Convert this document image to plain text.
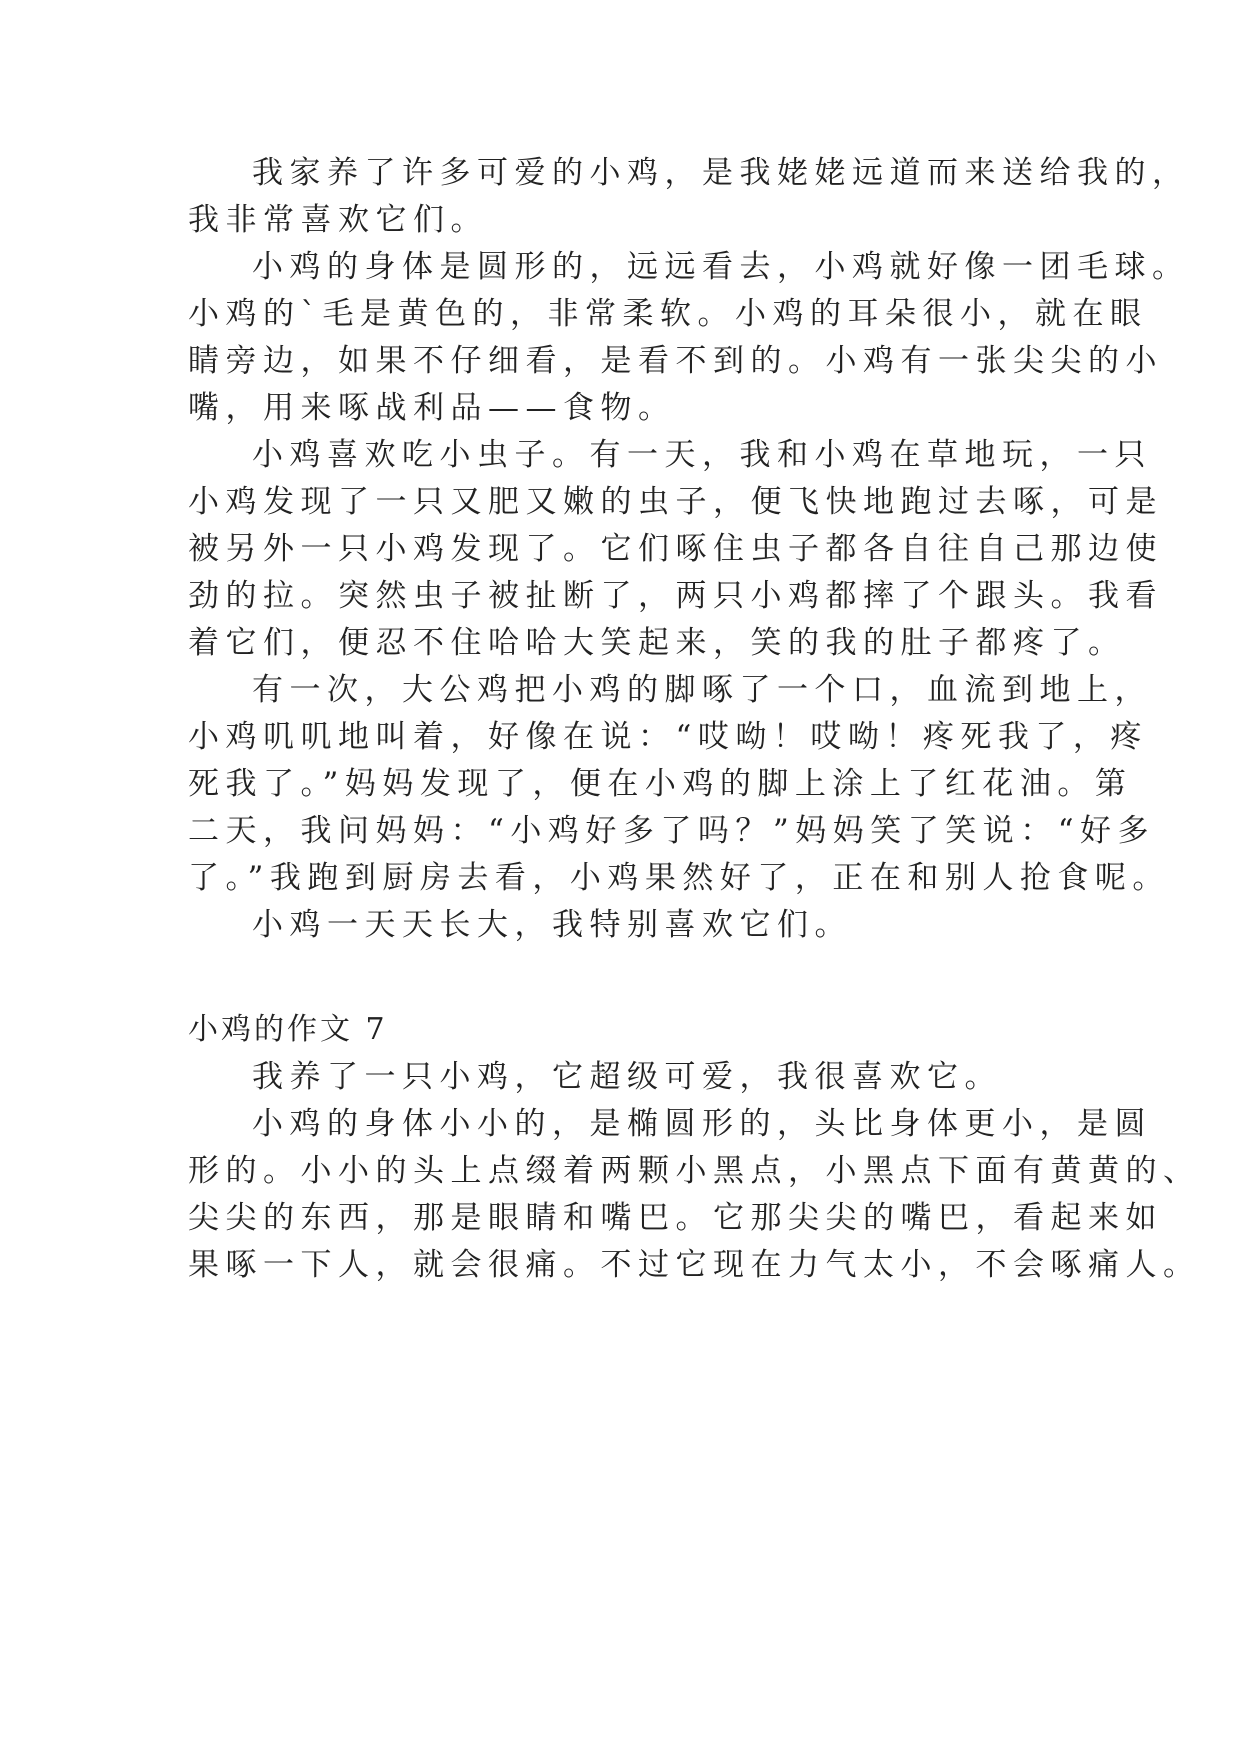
我家养了许多可爱的小鸡，是我姥姥远道而来送给我的，
我非常喜欢它们。
小鸡的身体是圆形的，远远看去，小鸡就好像一团毛球。
小鸡的`毛是黄色的，非常柔软。小鸡的耳朵很小，就在眼
睛旁边，如果不仔细看，是看不到的。小鸡有一张尖尖的小
嘴，用来啄战利品——食物。
小鸡喜欢吃小虫子。有一天，我和小鸡在草地玩，一只
小鸡发现了一只又肥又嫩的虫子，便飞快地跑过去啄，可是
被另外一只小鸡发现了。它们啄住虫子都各自往自己那边使
劲的拉。突然虫子被扯断了，两只小鸡都摔了个跟头。我看
着它们，便忍不住哈哈大笑起来，笑的我的肚子都疼了。
有一次，大公鸡把小鸡的脚啄了一个口，血流到地上，
小鸡叽叽地叫着，好像在说：“哎呦！哎呦！疼死我了，疼
死我了。”妈妈发现了，便在小鸡的脚上涂上了红花油。第
二天，我问妈妈：“小鸡好多了吗？”妈妈笑了笑说：“好多
了。”我跑到厨房去看，小鸡果然好了，正在和别人抢食呢。
小鸡一天天长大，我特别喜欢它们。
小鸡的作文 7
我养了一只小鸡，它超级可爱，我很喜欢它。
小鸡的身体小小的，是椭圆形的，头比身体更小，是圆
形的。小小的头上点缀着两颗小黑点，小黑点下面有黄黄的、
尖尖的东西，那是眼睛和嘴巴。它那尖尖的嘴巴，看起来如
果啄一下人，就会很痛。不过它现在力气太小，不会啄痛人。
